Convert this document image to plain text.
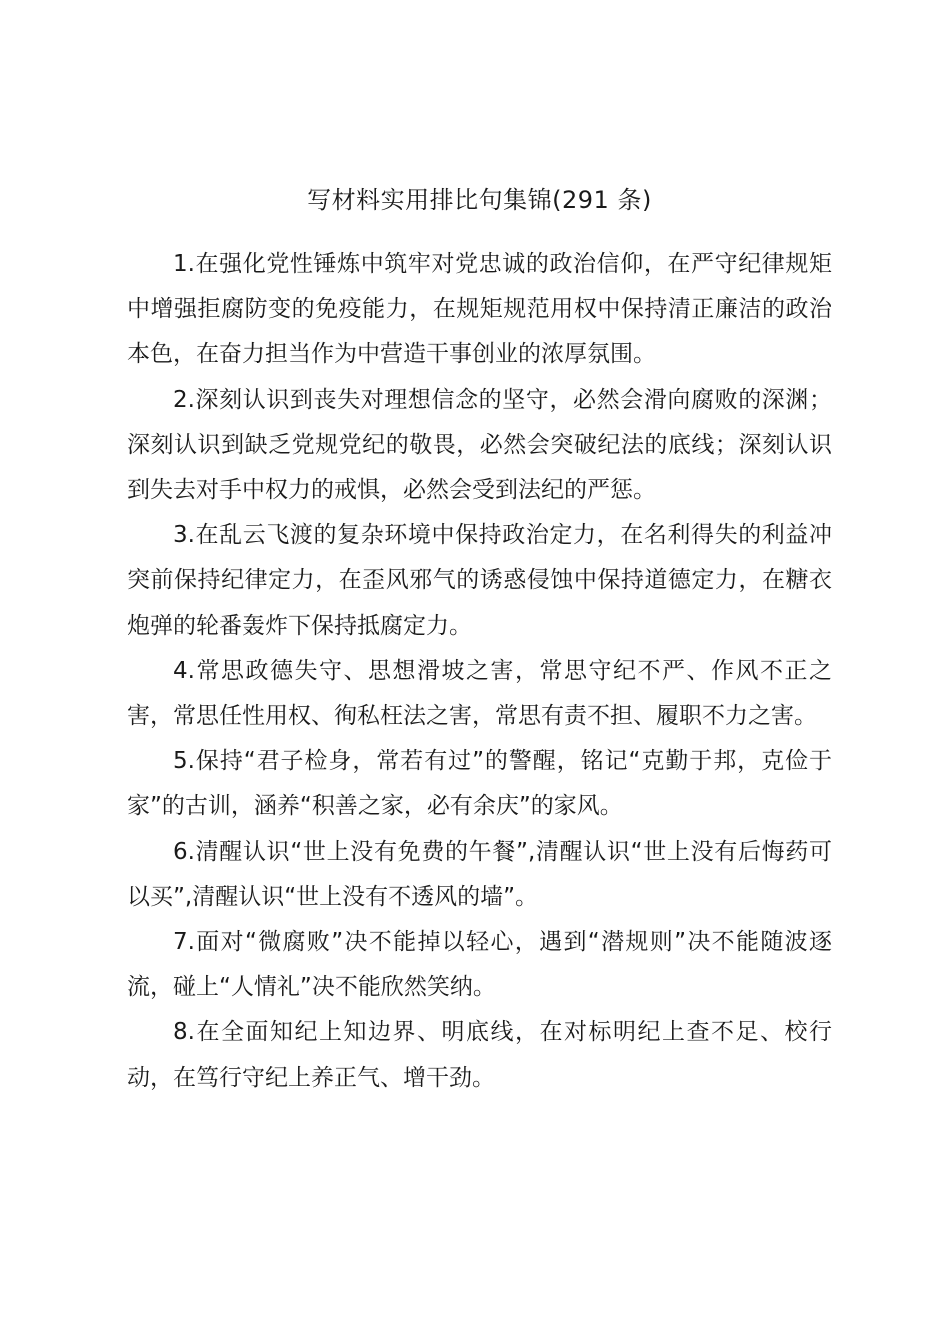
写材料实用排比句集锦(291 条)

1.在强化党性锤炼中筑牢对党忠诚的政治信仰，在严守纪律规矩中增强拒腐防变的免疫能力，在规矩规范用权中保持清正廉洁的政治本色，在奋力担当作为中营造干事创业的浓厚氛围。

2.深刻认识到丧失对理想信念的坚守，必然会滑向腐败的深渊；深刻认识到缺乏党规党纪的敬畏，必然会突破纪法的底线；深刻认识到失去对手中权力的戒惧，必然会受到法纪的严惩。

3.在乱云飞渡的复杂环境中保持政治定力，在名利得失的利益冲突前保持纪律定力，在歪风邪气的诱惑侵蚀中保持道德定力，在糖衣炮弹的轮番轰炸下保持抵腐定力。

4.常思政德失守、思想滑坡之害，常思守纪不严、作风不正之害，常思任性用权、徇私枉法之害，常思有责不担、履职不力之害。

5.保持“君子检身，常若有过”的警醒，铭记“克勤于邦，克俭于家”的古训，涵养“积善之家，必有余庆”的家风。

6.清醒认识“世上没有免费的午餐”,清醒认识“世上没有后悔药可以买”,清醒认识“世上没有不透风的墙”。

7.面对“微腐败”决不能掉以轻心，遇到“潜规则”决不能随波逐流，碰上“人情礼”决不能欣然笑纳。

8.在全面知纪上知边界、明底线，在对标明纪上查不足、校行动，在笃行守纪上养正气、增干劲。
